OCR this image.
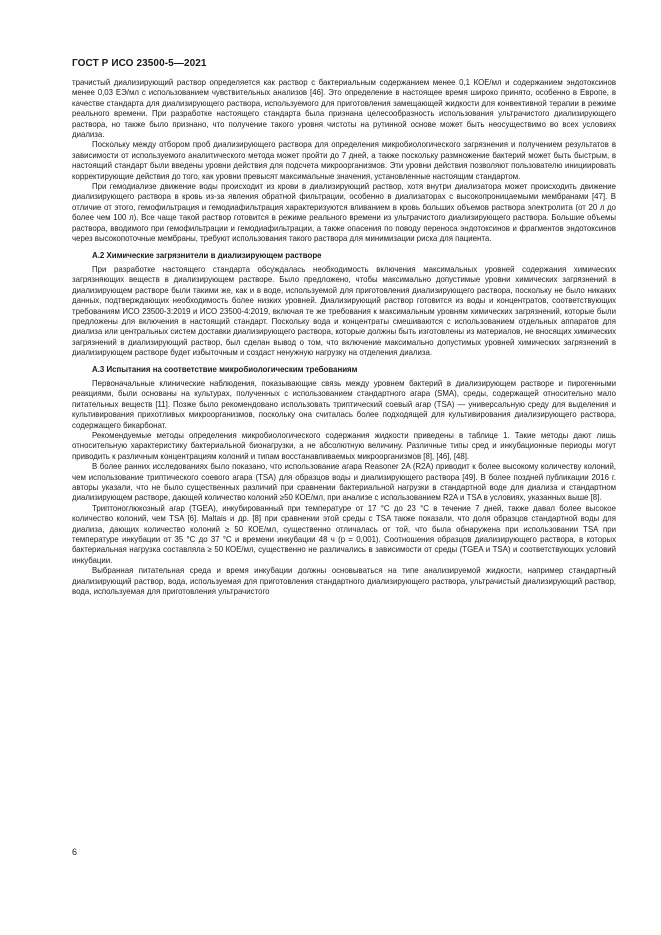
ГОСТ Р ИСО 23500-5—2021

трачистый диализирующий раствор определяется как раствор с бактериальным содержанием менее 0,1 КОЕ/мл и содержанием эндотоксинов менее 0,03 ЕЭ/мл с использованием чувствительных анализов [46]. Это определение в настоящее время широко принято, особенно в Европе, в качестве стандарта для диализирующего раствора, используемого для приготовления замещающей жидкости для конвективной терапии в режиме реального времени. При разработке настоящего стандарта была признана целесообразность использования ультрачистого диализирующего раствора, но также было признано, что получение такого уровня чистоты на рутинной основе может быть неосуществимо во всех условиях диализа.

Поскольку между отбором проб диализирующего раствора для определения микробиологического загрязнения и получением результатов в зависимости от используемого аналитического метода может пройти до 7 дней, а также поскольку размножение бактерий может быть быстрым, в настоящий стандарт были введены уровни действия для подсчета микроорганизмов. Эти уровни действия позволяют пользователю инициировать корректирующие действия до того, как уровни превысят максимальные значения, установленные настоящим стандартом.

При гемодиализе движение воды происходит из крови в диализирующий раствор, хотя внутри диализатора может происходить движение диализирующего раствора в кровь из-за явления обратной фильтрации, особенно в диализаторах с высокопроницаемыми мембранами [47]. В отличие от этого, гемофильтрация и гемодиафильтрация характеризуются вливанием в кровь больших объемов раствора электролита (от 20 л до более чем 100 л). Все чаще такой раствор готовится в режиме реального времени из ультрачистого диализирующего раствора. Большие объемы раствора, вводимого при гемофильтрации и гемодиафильтрации, а также опасения по поводу переноса эндотоксинов и фрагментов эндотоксинов через высокопоточные мембраны, требуют использования такого раствора для минимизации риска для пациента.

А.2 Химические загрязнители в диализирующем растворе

При разработке настоящего стандарта обсуждалась необходимость включения максимальных уровней содержания химических загрязняющих веществ в диализирующем растворе. Было предложено, чтобы максимально допустимые уровни химических загрязнений в диализирующем растворе были такими же, как и в воде, используемой для приготовления диализирующего раствора, поскольку не было никаких данных, подтверждающих необходимость более низких уровней. Диализирующий раствор готовится из воды и концентратов, соответствующих требованиям ИСО 23500-3:2019 и ИСО 23500-4:2019, включая те же требования к максимальным уровням химических загрязнений, которые были предложены для включения в настоящий стандарт. Поскольку вода и концентраты смешиваются с использованием отдельных аппаратов для диализа или центральных систем доставки диализирующего раствора, которые должны быть изготовлены из материалов, не вносящих химических загрязнений в диализирующий раствор, был сделан вывод о том, что включение максимально допустимых уровней химических загрязнений в диализирующем растворе будет избыточным и создаст ненужную нагрузку на отделения диализа.

А.3 Испытания на соответствие микробиологическим требованиям

Первоначальные клинические наблюдения, показывающие связь между уровнем бактерий в диализирующем растворе и пирогенными реакциями, были основаны на культурах, полученных с использованием стандартного агара (SMA), среды, содержащей относительно мало питательных веществ [11]. Позже было рекомендовано использовать триптический соевый агар (TSA) — универсальную среду для выделения и культивирования прихотливых микроорганизмов, поскольку она считалась более подходящей для культивирования диализирующего раствора, содержащего бикарбонат.

Рекомендуемые методы определения микробиологического содержания жидкости приведены в таблице 1. Такие методы дают лишь относительную характеристику бактериальной бионагрузки, а не абсолютную величину. Различные типы сред и инкубационные периоды могут приводить к различным концентрациям колоний и типам восстанавливаемых микроорганизмов [8], [46], [48].

В более ранних исследованиях было показано, что использование агара Reasoner 2A (R2A) приводит к более высокому количеству колоний, чем использование триптического соевого агара (TSA) для образцов воды и диализирующего раствора [49]. В более поздней публикации 2016 г. авторы указали, что не было существенных различий при сравнении бактериальной нагрузки в стандартной воде для диализа и стандартном диализирующем растворе, дающей количество колоний ≥50 КОЕ/мл, при анализе с использованием R2A и TSA в условиях, указанных выше [8].

Триптоноглюкозный агар (TGEA), инкубированный при температуре от 17 °С до 23 °С в течение 7 дней, также давал более высокое количество колоний, чем TSA [6]. Maltais и др. [8] при сравнении этой среды с TSA также показали, что доля образцов стандартной воды для диализа, дающих количество колоний ≥ 50 КОЕ/мл, существенно отличалась от той, что была обнаружена при использовании TSA при температуре инкубации от 35 °С до 37 °С и времени инкубации 48 ч (p = 0,001). Соотношения образцов диализирующего раствора, в которых бактериальная нагрузка составляла ≥ 50 КОЕ/мл, существенно не различались в зависимости от среды (TGEA и TSA) и соответствующих условий инкубации.

Выбранная питательная среда и время инкубации должны основываться на типе анализируемой жидкости, например стандартный диализирующий раствор, вода, используемая для приготовления стандартного диализирующего раствора, ультрачистый диализирующий раствор, вода, используемая для приготовления ультрачистого

6
